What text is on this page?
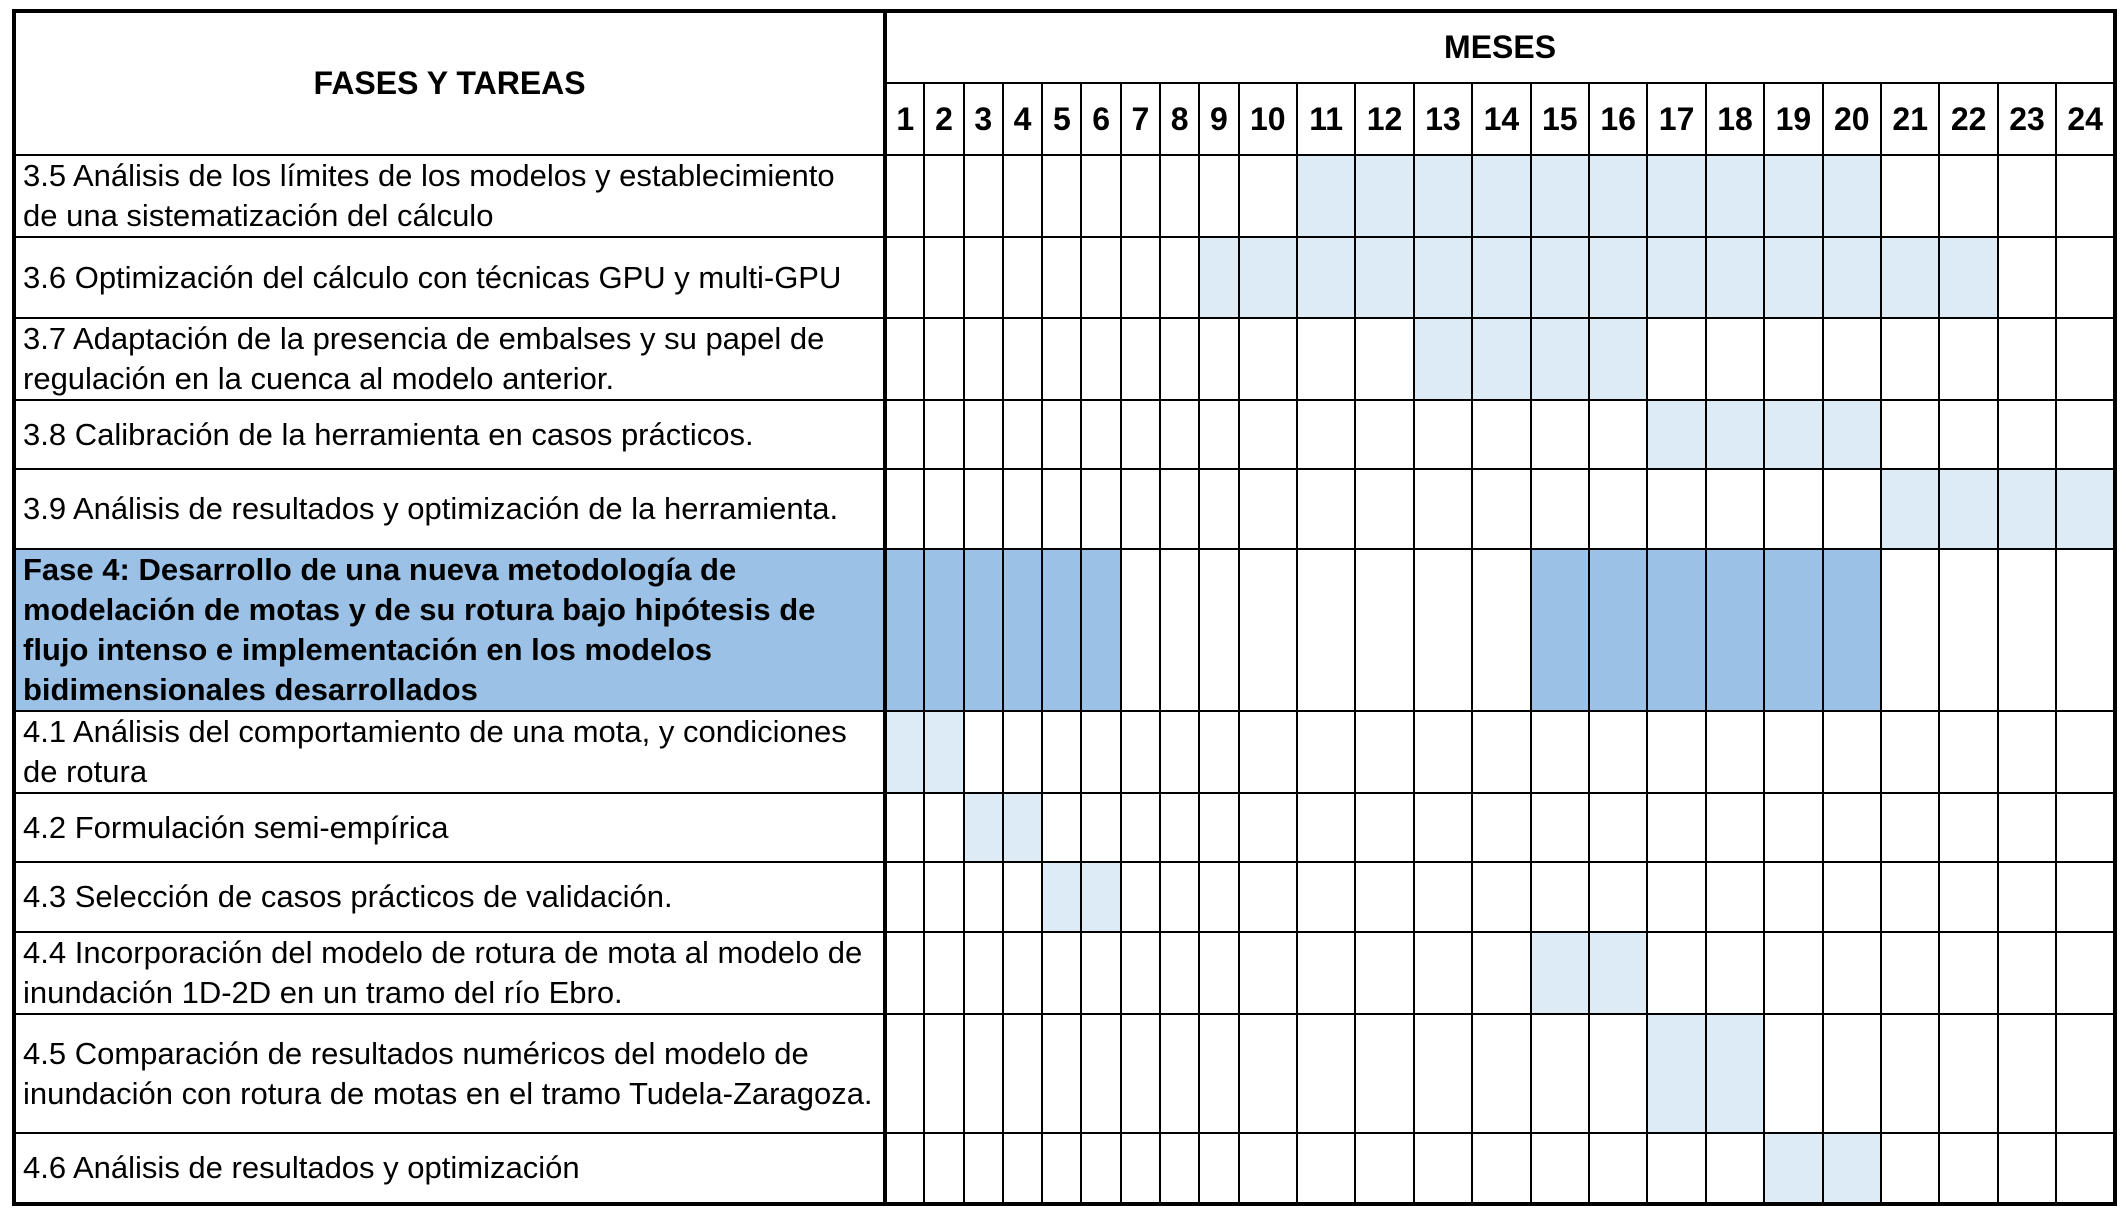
FASES Y TAREAS	MESES																							
	1	2	3	4	5	6	7	8	9	10	11	12	13	14	15	16	17	18	19	20	21	22	23	24
3.5 Análisis de los límites de los modelos y establecimiento de una sistematización del cálculo																								
3.6 Optimización del cálculo con técnicas GPU y multi-GPU																								
3.7 Adaptación de la presencia de embalses y su papel de regulación en la cuenca al modelo anterior.																								
3.8 Calibración de la herramienta en casos prácticos.																								
3.9 Análisis de resultados y optimización de la herramienta.																								
Fase 4: Desarrollo de una nueva metodología de modelación de motas y de su rotura bajo hipótesis de flujo intenso e implementación en los modelos bidimensionales desarrollados																								
4.1 Análisis del comportamiento de una mota, y condiciones de rotura																								
4.2 Formulación semi-empírica																								
4.3 Selección de casos prácticos de validación.																								
4.4 Incorporación del modelo de rotura de mota al modelo de inundación 1D-2D en un tramo del río Ebro.																								
4.5 Comparación de resultados numéricos del modelo de inundación con rotura de motas en el tramo Tudela-Zaragoza.																								
4.6 Análisis de resultados y optimización																								
